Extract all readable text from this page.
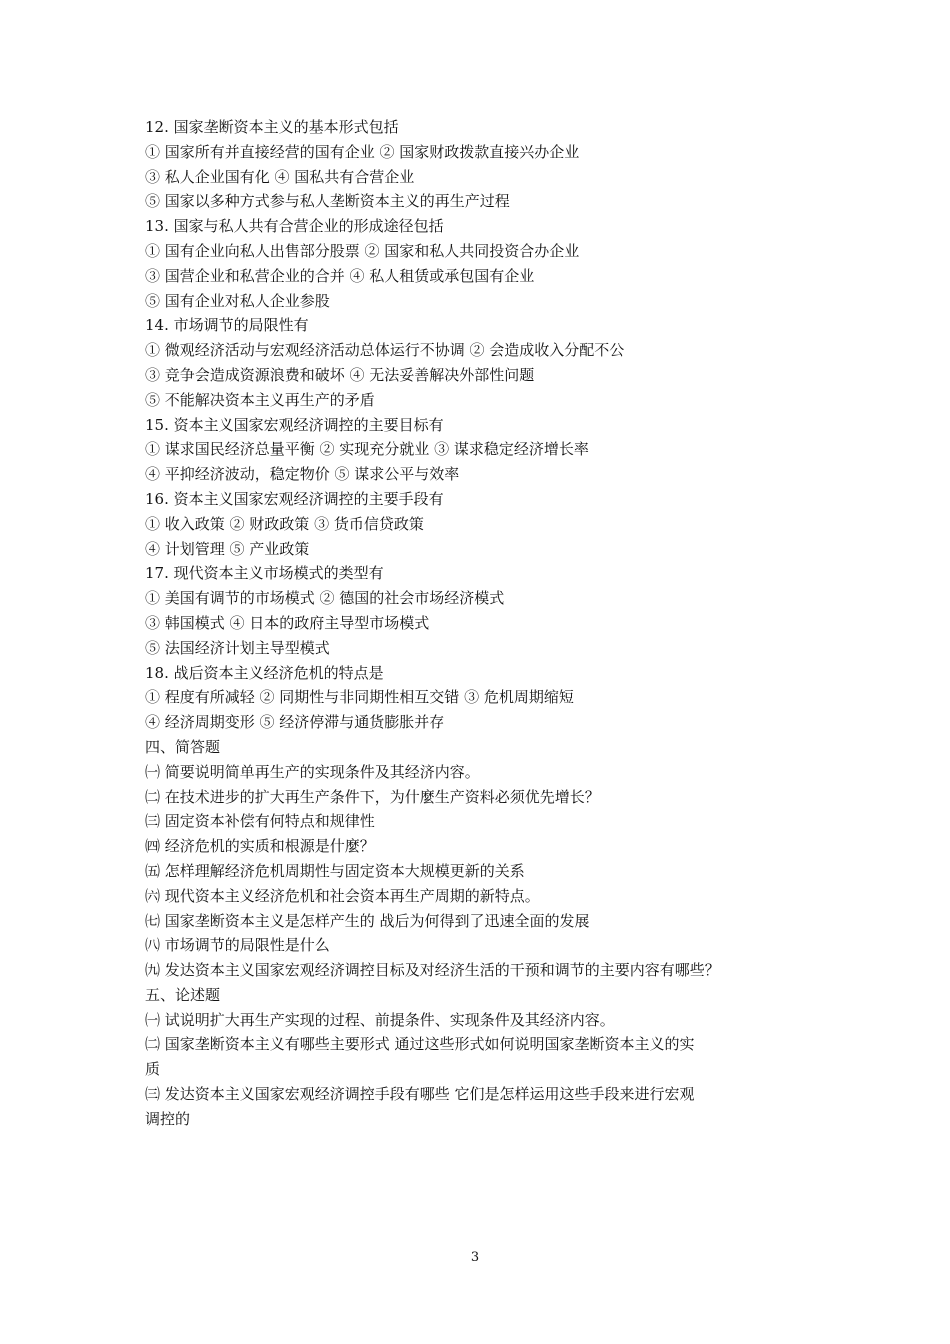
12. 国家垄断资本主义的基本形式包括
① 国家所有并直接经营的国有企业 ② 国家财政拨款直接兴办企业
③ 私人企业国有化 ④ 国私共有合营企业
⑤ 国家以多种方式参与私人垄断资本主义的再生产过程
13. 国家与私人共有合营企业的形成途径包括
① 国有企业向私人出售部分股票 ② 国家和私人共同投资合办企业
③ 国营企业和私营企业的合并 ④ 私人租赁或承包国有企业
⑤ 国有企业对私人企业参股
14. 市场调节的局限性有
① 微观经济活动与宏观经济活动总体运行不协调 ② 会造成收入分配不公
③ 竞争会造成资源浪费和破坏 ④ 无法妥善解决外部性问题
⑤ 不能解决资本主义再生产的矛盾
15. 资本主义国家宏观经济调控的主要目标有
① 谋求国民经济总量平衡 ② 实现充分就业 ③ 谋求稳定经济增长率
④ 平抑经济波动，稳定物价 ⑤ 谋求公平与效率
16. 资本主义国家宏观经济调控的主要手段有
① 收入政策 ② 财政政策 ③ 货币信贷政策
④ 计划管理 ⑤ 产业政策
17. 现代资本主义市场模式的类型有
① 美国有调节的市场模式 ② 德国的社会市场经济模式
③ 韩国模式 ④ 日本的政府主导型市场模式
⑤ 法国经济计划主导型模式
18. 战后资本主义经济危机的特点是
① 程度有所减轻 ② 同期性与非同期性相互交错 ③ 危机周期缩短
④ 经济周期变形 ⑤ 经济停滞与通货膨胀并存
四、简答题
㈠ 简要说明简单再生产的实现条件及其经济内容。
㈡ 在技术进步的扩大再生产条件下，为什麼生产资料必须优先增长？
㈢ 固定资本补偿有何特点和规律性
㈣ 经济危机的实质和根源是什麼？
㈤ 怎样理解经济危机周期性与固定资本大规模更新的关系
㈥ 现代资本主义经济危机和社会资本再生产周期的新特点。
㈦ 国家垄断资本主义是怎样产生的 战后为何得到了迅速全面的发展
㈧ 市场调节的局限性是什么
㈨ 发达资本主义国家宏观经济调控目标及对经济生活的干预和调节的主要内容有哪些？
五、论述题
㈠ 试说明扩大再生产实现的过程、前提条件、实现条件及其经济内容。
㈡ 国家垄断资本主义有哪些主要形式 通过这些形式如何说明国家垄断资本主义的实
质
㈢ 发达资本主义国家宏观经济调控手段有哪些 它们是怎样运用这些手段来进行宏观
调控的
3
